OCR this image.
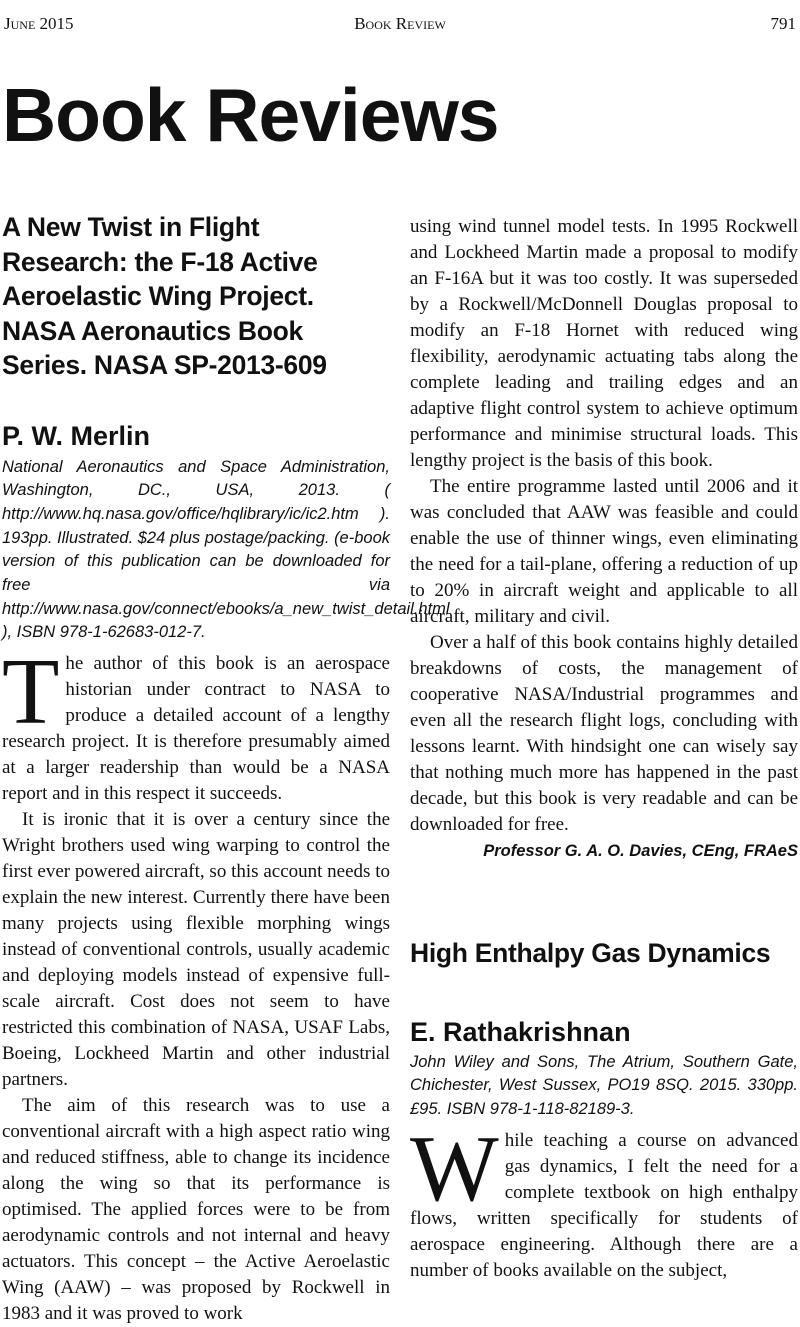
June 2015	Book Review	791
Book Reviews
A New Twist in Flight Research: the F-18 Active Aeroelastic Wing Project. NASA Aeronautics Book Series. NASA SP-2013-609
P. W. Merlin
National Aeronautics and Space Administration, Washington, DC., USA, 2013. ( http://www.hq.nasa.gov/office/hqlibrary/ic/ic2.htm ). 193pp. Illustrated. $24 plus postage/packing. (e-book version of this publication can be downloaded for free via http://www.nasa.gov/connect/ebooks/a_new_twist_detail.html ), ISBN 978-1-62683-012-7.

The author of this book is an aerospace historian under contract to NASA to produce a detailed account of a lengthy research project. It is therefore presumably aimed at a larger readership than would be a NASA report and in this respect it succeeds.

It is ironic that it is over a century since the Wright brothers used wing warping to control the first ever powered aircraft, so this account needs to explain the new interest. Currently there have been many projects using flexible morphing wings instead of conventional controls, usually academic and deploying models instead of expensive full-scale aircraft. Cost does not seem to have restricted this combination of NASA, USAF Labs, Boeing, Lockheed Martin and other industrial partners.

The aim of this research was to use a conventional aircraft with a high aspect ratio wing and reduced stiffness, able to change its incidence along the wing so that its performance is optimised. The applied forces were to be from aerodynamic controls and not internal and heavy actuators. This concept – the Active Aeroelastic Wing (AAW) – was proposed by Rockwell in 1983 and it was proved to work

using wind tunnel model tests. In 1995 Rockwell and Lockheed Martin made a proposal to modify an F-16A but it was too costly. It was superseded by a Rockwell/McDonnell Douglas proposal to modify an F-18 Hornet with reduced wing flexibility, aerodynamic actuating tabs along the complete leading and trailing edges and an adaptive flight control system to achieve optimum performance and minimise structural loads. This lengthy project is the basis of this book.

The entire programme lasted until 2006 and it was concluded that AAW was feasible and could enable the use of thinner wings, even eliminating the need for a tail-plane, offering a reduction of up to 20% in aircraft weight and applicable to all aircraft, military and civil.

Over a half of this book contains highly detailed breakdowns of costs, the management of cooperative NASA/Industrial programmes and even all the research flight logs, concluding with lessons learnt. With hindsight one can wisely say that nothing much more has happened in the past decade, but this book is very readable and can be downloaded for free.

Professor G. A. O. Davies, CEng, FRAeS
High Enthalpy Gas Dynamics
E. Rathakrishnan
John Wiley and Sons, The Atrium, Southern Gate, Chichester, West Sussex, PO19 8SQ. 2015. 330pp. £95. ISBN 978-1-118-82189-3.

While teaching a course on advanced gas dynamics, I felt the need for a complete textbook on high enthalpy flows, written specifically for students of aerospace engineering. Although there are a number of books available on the subject,
